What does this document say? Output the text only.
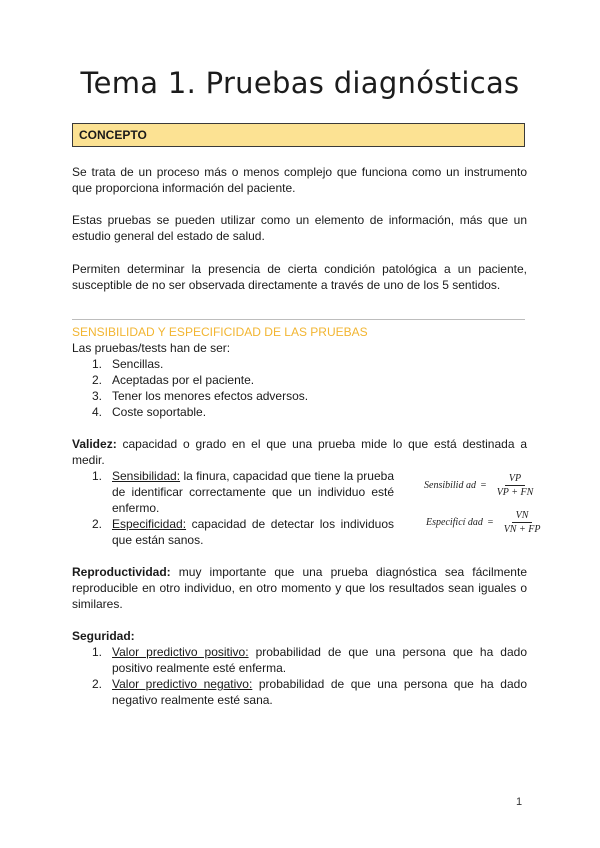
Tema 1. Pruebas diagnósticas
CONCEPTO

Se trata de un proceso más o menos complejo que funciona como un instrumento que proporciona información del paciente.

Estas pruebas se pueden utilizar como un elemento de información, más que un estudio general del estado de salud.

Permiten determinar la presencia de cierta condición patológica a un paciente, susceptible de no ser observada directamente a través de uno de los 5 sentidos.

SENSIBILIDAD Y ESPECIFICIDAD DE LAS PRUEBAS

Las pruebas/tests han de ser:

1. Sencillas.
2. Aceptadas por el paciente.
3. Tener los menores efectos adversos.
4. Coste soportable.

Validez: capacidad o grado en el que una prueba mide lo que está destinada a medir.

1. Sensibilidad: la finura, capacidad que tiene la prueba de identificar correctamente que un individuo esté enfermo.
2. Especificidad: capacidad de detectar los individuos que están sanos.
Sensibilid ad = $\frac{VP}{VP + FN}$
Especificí dad = $\frac{VN}{VN + FP}$

Reproductividad: muy importante que una prueba diagnóstica sea fácilmente reproducible en otro individuo, en otro momento y que los resultados sean iguales o similares.

Seguridad:

1. Valor predictivo positivo: probabilidad de que una persona que ha dado positivo realmente esté enferma.
2. Valor predictivo negativo: probabilidad de que una persona que ha dado negativo realmente esté sana.
1
